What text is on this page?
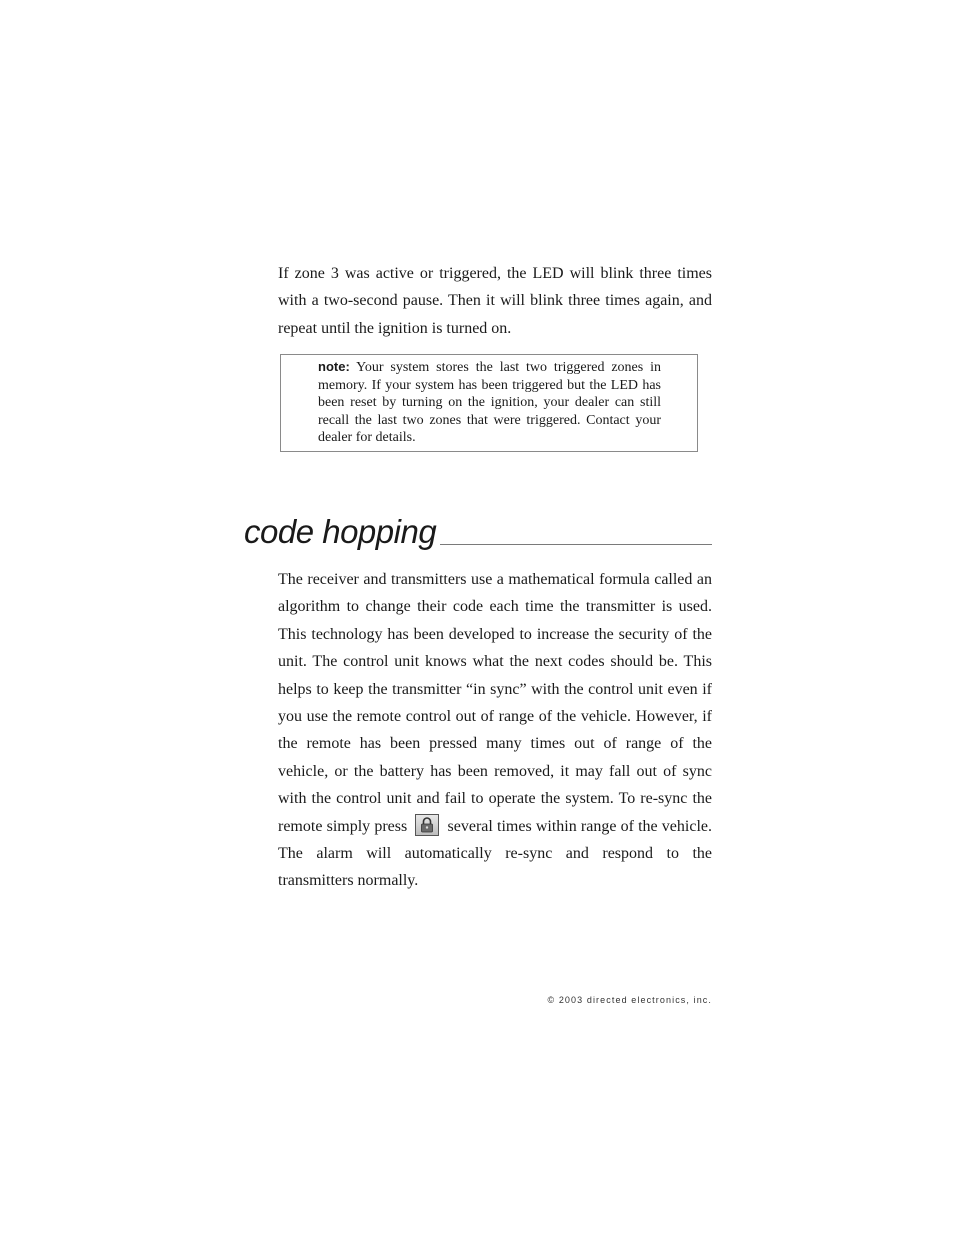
If zone 3 was active or triggered, the LED will blink three times with a two-second pause. Then it will blink three times again, and repeat until the ignition is turned on.

note: Your system stores the last two triggered zones in memory. If your system has been triggered but the LED has been reset by turning on the ignition, your dealer can still recall the last two zones that were triggered. Contact your dealer for details.

code hopping

The receiver and transmitters use a mathematical formula called an algorithm to change their code each time the transmitter is used. This technology has been developed to increase the security of the unit. The control unit knows what the next codes should be. This helps to keep the transmitter “in sync” with the control unit even if you use the remote control out of range of the vehicle. However, if the remote has been pressed many times out of range of the vehicle, or the battery has been removed, it may fall out of sync with the control unit and fail to operate the system. To re-sync the remote simply press	several times within range of the vehicle. The alarm will automatically re-sync and respond to the transmitters normally.

© 2003 directed electronics, inc.
